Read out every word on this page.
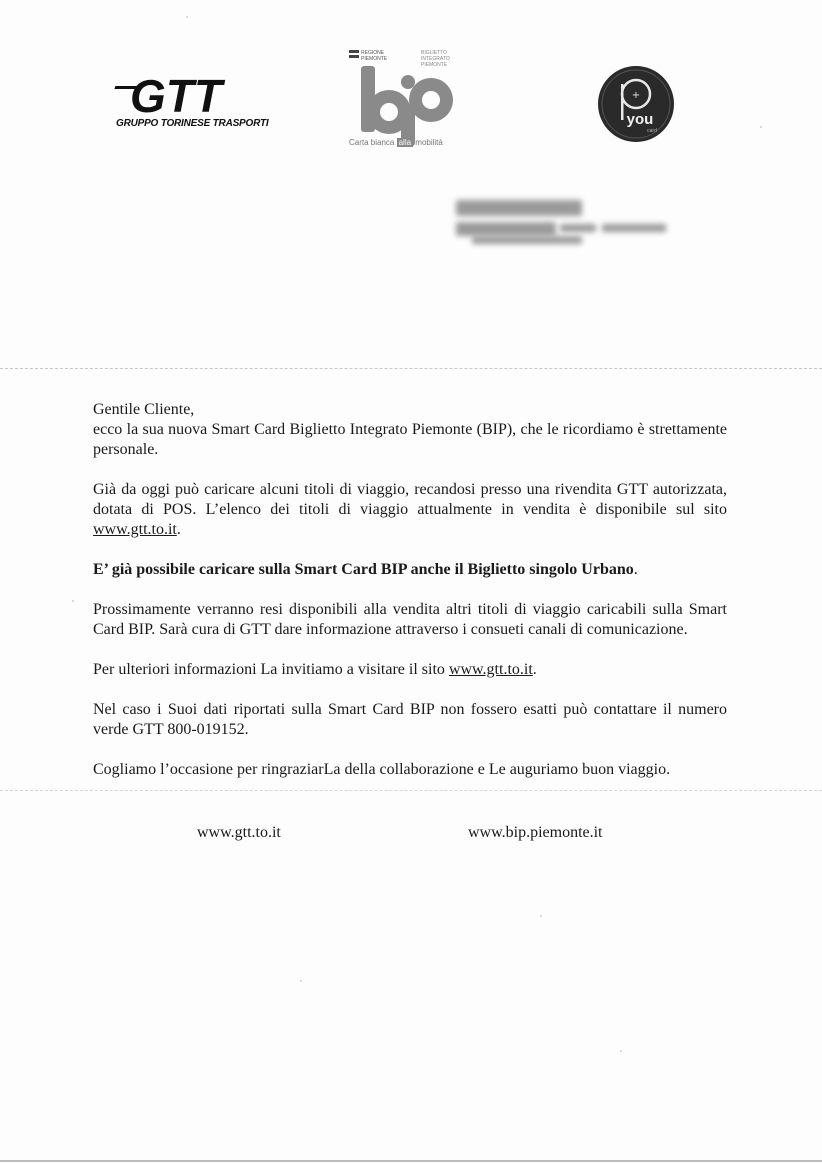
GTT
GRUPPO TORINESE TRASPORTI
REGIONE PIEMONTE
BIGLIETTO INTEGRATO PIEMONTE
Carta bianca alla mobilità
+
you
card

Gentile Cliente,

ecco la sua nuova Smart Card Biglietto Integrato Piemonte (BIP), che le ricordiamo è strettamente personale.

Già da oggi può caricare alcuni titoli di viaggio, recandosi presso una rivendita GTT autorizzata, dotata di POS. L’elenco dei titoli di viaggio attualmente in vendita è disponibile sul sito www.gtt.to.it.

E’ già possibile caricare sulla Smart Card BIP anche il Biglietto singolo Urbano.

Prossimamente verranno resi disponibili alla vendita altri titoli di viaggio caricabili sulla Smart Card BIP. Sarà cura di GTT dare informazione attraverso i consueti canali di comunicazione.

Per ulteriori informazioni La invitiamo a visitare il sito www.gtt.to.it.

Nel caso i Suoi dati riportati sulla Smart Card BIP non fossero esatti può contattare il numero verde GTT 800-019152.

Cogliamo l’occasione per ringraziarLa della collaborazione e Le auguriamo buon viaggio.

www.gtt.to.it	www.bip.piemonte.it
